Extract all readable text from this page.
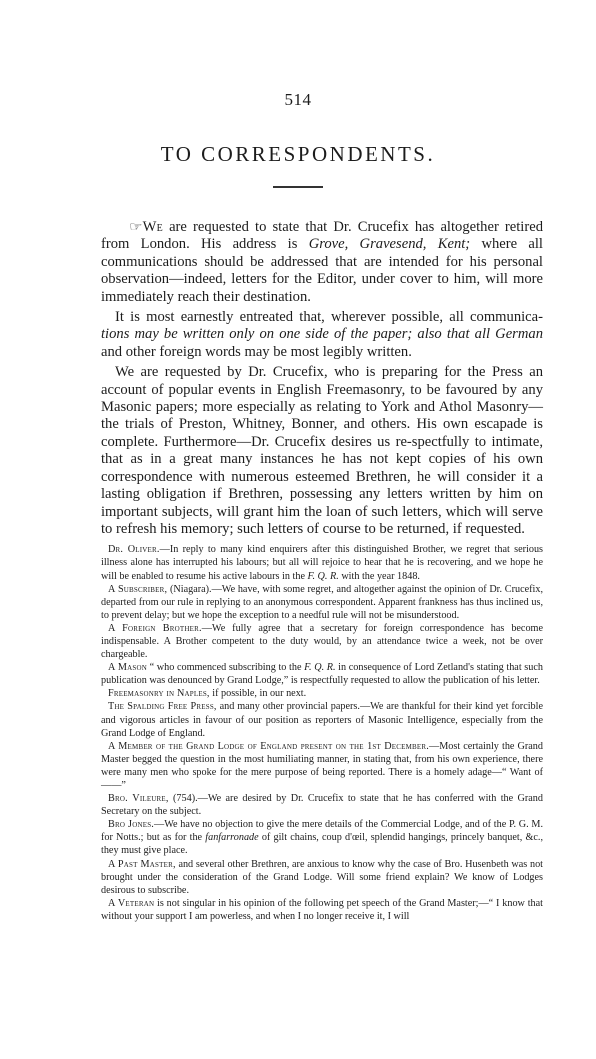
514
TO CORRESPONDENTS.

☞We are requested to state that Dr. Crucefix has altogether retired from London. His address is Grove, Gravesend, Kent; where all communications should be addressed that are intended for his personal observation—indeed, letters for the Editor, under cover to him, will more immediately reach their destination.

It is most earnestly entreated that, wherever possible, all communica- tions may be written only on one side of the paper; also that all German and other foreign words may be most legibly written.

We are requested by Dr. Crucefix, who is preparing for the Press an account of popular events in English Freemasonry, to be favoured by any Masonic papers; more especially as relating to York and Athol Masonry—the trials of Preston, Whitney, Bonner, and others. His own escapade is complete. Furthermore—Dr. Crucefix desires us re-spectfully to intimate, that as in a great many instances he has not kept copies of his own correspondence with numerous esteemed Brethren, he will consider it a lasting obligation if Brethren, possessing any letters written by him on important subjects, will grant him the loan of such letters, which will serve to refresh his memory; such letters of course to be returned, if requested.

Dr. Oliver.—In reply to many kind enquirers after this distinguished Brother, we regret that serious illness alone has interrupted his labours; but all will rejoice to hear that he is recovering, and we hope he will be enabled to resume his active labours in the F. Q. R. with the year 1848.

A Subscriber, (Niagara).—We have, with some regret, and altogether against the opinion of Dr. Crucefix, departed from our rule in replying to an anonymous correspondent. Apparent frankness has thus inclined us, to prevent delay; but we hope the exception to a needful rule will not be misunderstood.

A Foreign Brother.—We fully agree that a secretary for foreign correspondence has become indispensable. A Brother competent to the duty would, by an attendance twice a week, not be over chargeable.

A Mason “ who commenced subscribing to the F. Q. R. in consequence of Lord Zetland's stating that such publication was denounced by Grand Lodge,” is respectfully requested to allow the publication of his letter.

Freemasonry in Naples, if possible, in our next.

The Spalding Free Press, and many other provincial papers.—We are thankful for their kind yet forcible and vigorous articles in favour of our position as reporters of Masonic Intelligence, especially from the Grand Lodge of England.

A Member of the Grand Lodge of England present on the 1st December.—Most certainly the Grand Master begged the question in the most humiliating manner, in stating that, from his own experience, there were many men who spoke for the mere purpose of being reported. There is a homely adage—“ Want of ——”

Bro. Vileure, (754).—We are desired by Dr. Crucefix to state that he has conferred with the Grand Secretary on the subject.

Bro Jones.—We have no objection to give the mere details of the Commercial Lodge, and of the P. G. M. for Notts.; but as for the fanfarronade of gilt chains, coup d'œil, splendid hangings, princely banquet, &c., they must give place.

A Past Master, and several other Brethren, are anxious to know why the case of Bro. Husenbeth was not brought under the consideration of the Grand Lodge. Will some friend explain? We know of Lodges desirous to subscribe.

A Veteran is not singular in his opinion of the following pet speech of the Grand Master;—“ I know that without your support I am powerless, and when I no longer receive it, I will
